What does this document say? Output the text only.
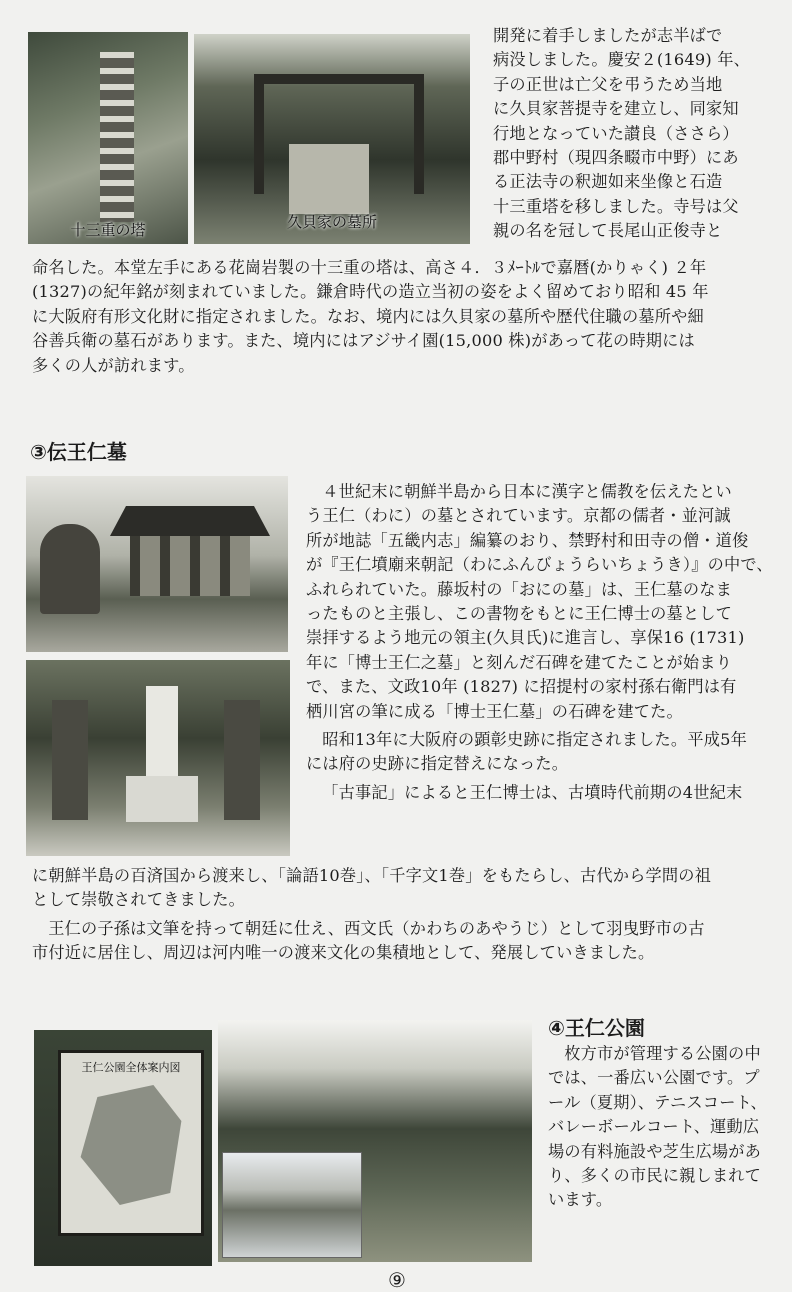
十三重の塔	久貝家の墓所
開発に着手しましたが志半ばで
病没しました。慶安２(1649) 年、
子の正世は亡父を弔うため当地
に久貝家菩提寺を建立し、同家知
行地となっていた讃良（ささら）
郡中野村（現四条畷市中野）にあ
る正法寺の釈迦如来坐像と石造
十三重塔を移しました。寺号は父
親の名を冠して長尾山正俊寺と
命名した。本堂左手にある花崗岩製の十三重の塔は、高さ４．３ﾒｰﾄﾙで嘉暦(かりゃく) ２年
(1327)の紀年銘が刻まれていました。鎌倉時代の造立当初の姿をよく留めており昭和 45 年
に大阪府有形文化財に指定されました。なお、境内には久貝家の墓所や歴代住職の墓所や細
谷善兵衛の墓石があります。また、境内にはアジサイ園(15,000 株)があって花の時期には
多くの人が訪れます。
③伝王仁墓
４世紀末に朝鮮半島から日本に漢字と儒教を伝えたとい
う王仁（わに）の墓とされています。京都の儒者・並河誠
所が地誌「五畿内志」編纂のおり、禁野村和田寺の僧・道俊
が『王仁墳廟来朝記（わにふんびょうらいちょうき）』の中で、
ふれられていた。藤坂村の「おにの墓」は、王仁墓のなま
ったものと主張し、この書物をもとに王仁博士の墓として
崇拝するよう地元の領主(久貝氏)に進言し、享保16 (1731)
年に「博士王仁之墓」と刻んだ石碑を建てたことが始まり
で、また、文政10年 (1827) に招提村の家村孫右衛門は有
栖川宮の筆に成る「博士王仁墓」の石碑を建てた。
昭和13年に大阪府の顕彰史跡に指定されました。平成5年
には府の史跡に指定替えになった。
「古事記」によると王仁博士は、古墳時代前期の4世紀末
に朝鮮半島の百済国から渡来し、「論語10巻」、「千字文1巻」をもたらし、古代から学問の祖
として崇敬されてきました。
王仁の子孫は文筆を持って朝廷に仕え、西文氏（かわちのあやうじ）として羽曳野市の古
市付近に居住し、周辺は河内唯一の渡来文化の集積地として、発展していきました。
王仁公園全体案内図
④王仁公園
枚方市が管理する公園の中
では、一番広い公園です。プ
ール（夏期）、テニスコート、
バレーボールコート、運動広
場の有料施設や芝生広場があ
り、多くの市民に親しまれて
います。
⑨
